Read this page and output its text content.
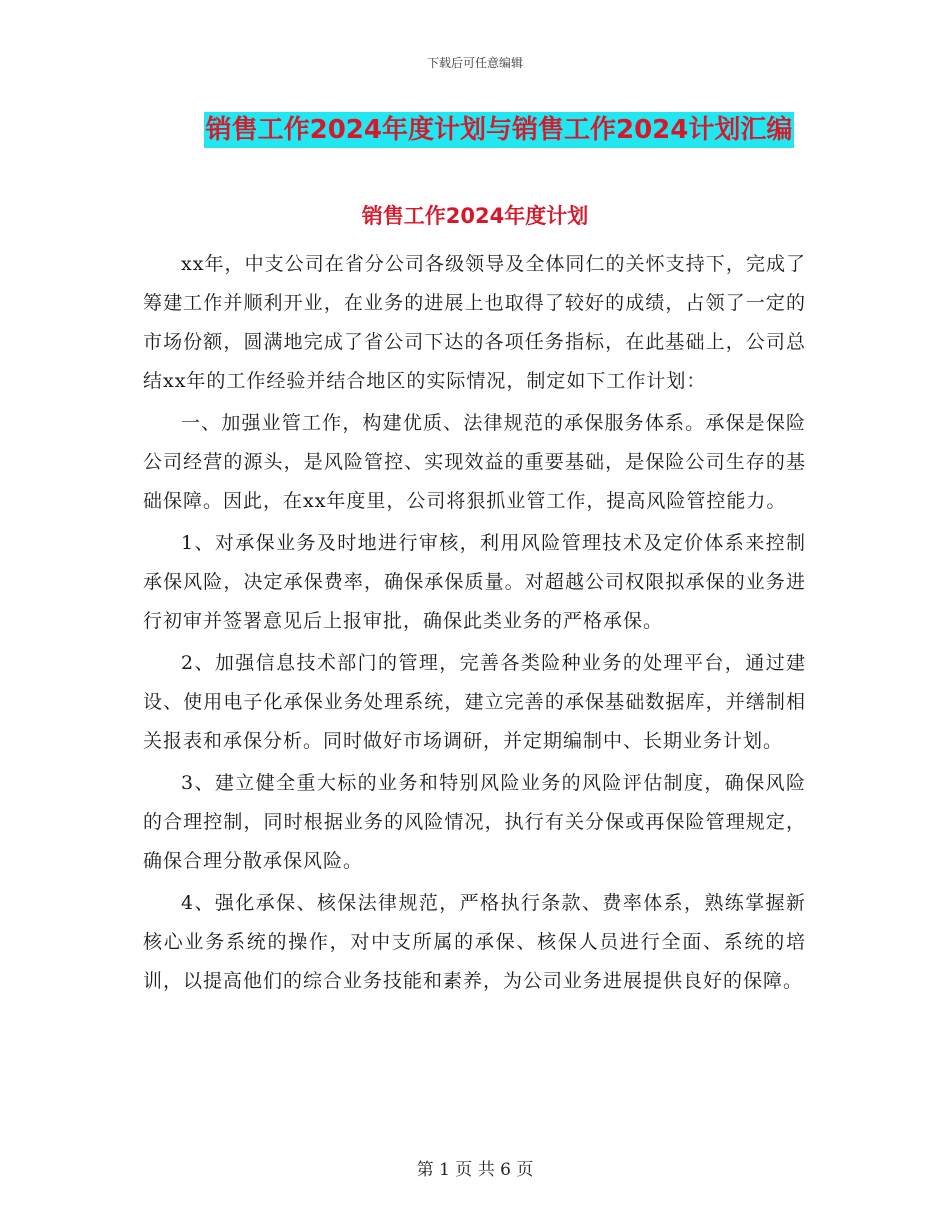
下载后可任意编辑
销售工作2024年度计划与销售工作2024计划汇编
销售工作2024年度计划

xx年，中支公司在省分公司各级领导及全体同仁的关怀支持下，完成了筹建工作并顺利开业，在业务的进展上也取得了较好的成绩，占领了一定的市场份额，圆满地完成了省公司下达的各项任务指标，在此基础上，公司总结xx年的工作经验并结合地区的实际情况，制定如下工作计划：

一、加强业管工作，构建优质、法律规范的承保服务体系。承保是保险公司经营的源头，是风险管控、实现效益的重要基础，是保险公司生存的基础保障。因此，在xx年度里，公司将狠抓业管工作，提高风险管控能力。

1、对承保业务及时地进行审核，利用风险管理技术及定价体系来控制承保风险，决定承保费率，确保承保质量。对超越公司权限拟承保的业务进行初审并签署意见后上报审批，确保此类业务的严格承保。

2、加强信息技术部门的管理，完善各类险种业务的处理平台，通过建设、使用电子化承保业务处理系统，建立完善的承保基础数据库，并缮制相关报表和承保分析。同时做好市场调研，并定期编制中、长期业务计划。

3、建立健全重大标的业务和特别风险业务的风险评估制度，确保风险的合理控制，同时根据业务的风险情况，执行有关分保或再保险管理规定，确保合理分散承保风险。

4、强化承保、核保法律规范，严格执行条款、费率体系，熟练掌握新核心业务系统的操作，对中支所属的承保、核保人员进行全面、系统的培训，以提高他们的综合业务技能和素养，为公司业务进展提供良好的保障。

第 1 页 共 6 页
